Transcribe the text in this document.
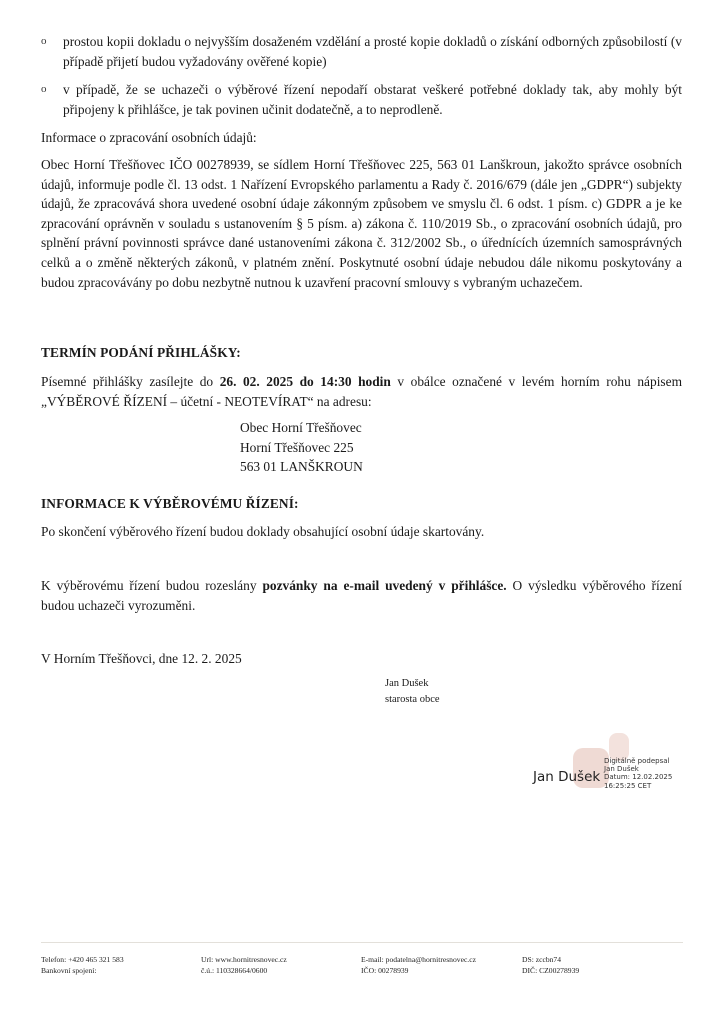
o prostou kopii dokladu o nejvyšším dosaženém vzdělání a prosté kopie dokladů o získání odborných způsobilostí (v případě přijetí budou vyžadovány ověřené kopie)
o v případě, že se uchazeči o výběrové řízení nepodaří obstarat veškeré potřebné doklady tak, aby mohly být připojeny k přihlášce, je tak povinen učinit dodatečně, a to neprodleně.
Informace o zpracování osobních údajů:
Obec Horní Třešňovec IČO 00278939, se sídlem Horní Třešňovec 225, 563 01 Lanškroun, jakožto správce osobních údajů, informuje podle čl. 13 odst. 1 Nařízení Evropského parlamentu a Rady č. 2016/679 (dále jen „GDPR“) subjekty údajů, že zpracovává shora uvedené osobní údaje zákonným způsobem ve smyslu čl. 6 odst. 1 písm. c) GDPR a je ke zpracování oprávněn v souladu s ustanovením § 5 písm. a) zákona č. 110/2019 Sb., o zpracování osobních údajů, pro splnění právní povinnosti správce dané ustanoveními zákona č. 312/2002 Sb., o úřednících územních samosprávných celků a o změně některých zákonů, v platném znění. Poskytnuté osobní údaje nebudou dále nikomu poskytovány a budou zpracovávány po dobu nezbytně nutnou k uzavření pracovní smlouvy s vybraným uchazečem.
TERMÍN PODÁNÍ PŘIHLÁŠKY:
Písemné přihlášky zasílejte do 26. 02. 2025 do 14:30 hodin v obálce označené v levém horním rohu nápisem „VÝBĚROVÉ ŘÍZENÍ – účetní - NEOTEVÍRAT“ na adresu:
Obec Horní Třešňovec
Horní Třešňovec 225
563 01 LANŠKROUN
INFORMACE K VÝBĚROVÉMU ŘÍZENÍ:
Po skončení výběrového řízení budou doklady obsahující osobní údaje skartovány.
K výběrovému řízení budou rozeslány pozvánky na e-mail uvedený v přihlášce. O výsledku výběrového řízení budou uchazeči vyrozuměni.
V Horním Třešňovci, dne 12. 2. 2025
Jan Dušek
starosta obce
Jan Dušek
Digitálně podepsal
Jan Dušek
Datum: 12.02.2025
16:25:25 CET
Telefon: +420 465 321 583
Bankovní spojení:
Url: www.hornitresnovec.cz
č.ú.: 110328664/0600
E-mail: podatelna@hornitresnovec.cz
IČO: 00278939
DS: zccbn74
DIČ: CZ00278939
